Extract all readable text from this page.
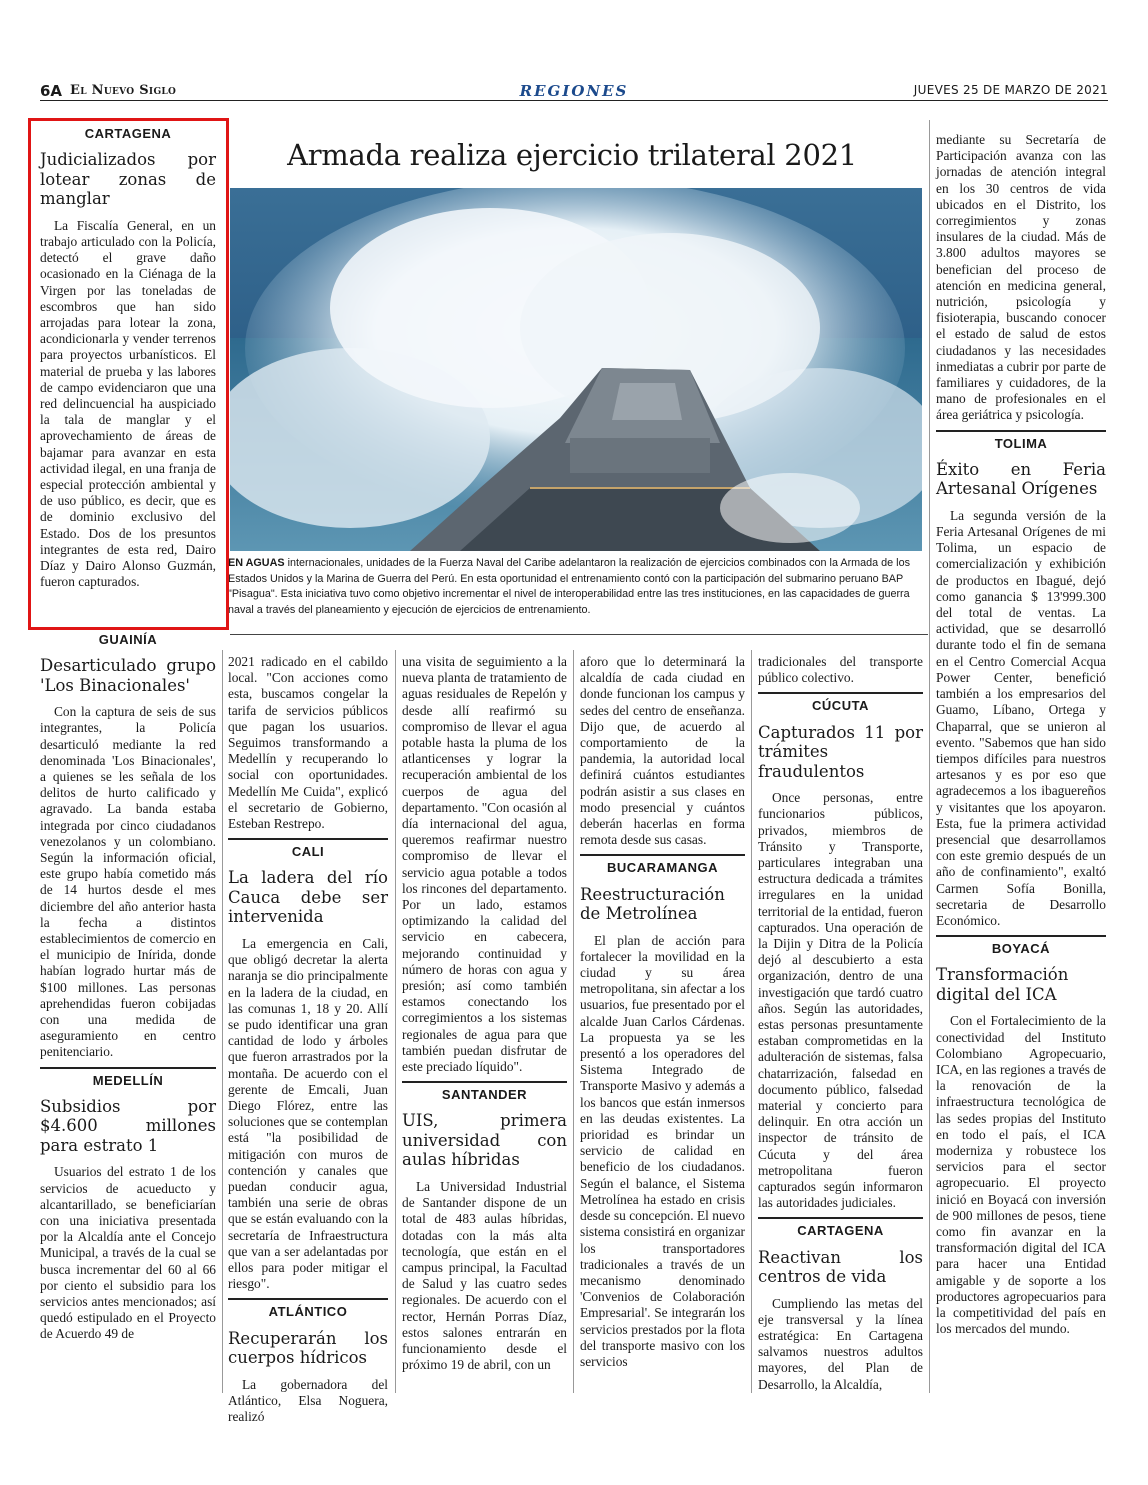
6A El Nuevo Siglo	REGIONES	JUEVES 25 DE MARZO DE 2021
Armada realiza ejercicio trilateral 2021
EN AGUAS internacionales, unidades de la Fuerza Naval del Caribe adelantaron la realización de ejercicios combinados con la Armada de los Estados Unidos y la Marina de Guerra del Perú. En esta oportunidad el entrenamiento contó con la participación del submarino peruano BAP "Pisagua". Esta iniciativa tuvo como objetivo incrementar el nivel de interoperabilidad entre las tres instituciones, en las capacidades de guerra naval a través del planeamiento y ejecución de ejercicios de entrenamiento.
CARTAGENA
Judicializados por lotear zonas de manglar

La Fiscalía General, en un trabajo articulado con la Policía, detectó el grave daño ocasionado en la Ciénaga de la Virgen por las toneladas de escombros que han sido arrojadas para lotear la zona, acondicionarla y vender terrenos para proyectos urbanísticos. El material de prueba y las labores de campo evidenciaron que una red delincuencial ha auspiciado la tala de manglar y el aprovechamiento de áreas de bajamar para avanzar en esta actividad ilegal, en una franja de especial protección ambiental y de uso público, es decir, que es de dominio exclusivo del Estado. Dos de los presuntos integrantes de esta red, Dairo Díaz y Dairo Alonso Guzmán, fueron capturados.

GUAINÍA
Desarticulado grupo 'Los Binacionales'

Con la captura de seis de sus integrantes, la Policía desarticuló mediante la red denominada 'Los Binacionales', a quienes se les señala de los delitos de hurto calificado y agravado. La banda estaba integrada por cinco ciudadanos venezolanos y un colombiano. Según la información oficial, este grupo había cometido más de 14 hurtos desde el mes diciembre del año anterior hasta la fecha a distintos establecimientos de comercio en el municipio de Inírida, donde habían logrado hurtar más de $100 millones. Las personas aprehendidas fueron cobijadas con una medida de aseguramiento en centro penitenciario.

MEDELLÍN
Subsidios por $4.600 millones para estrato 1

Usuarios del estrato 1 de los servicios de acueducto y alcantarillado, se beneficiarían con una iniciativa presentada por la Alcaldía ante el Concejo Municipal, a través de la cual se busca incrementar del 60 al 66 por ciento el subsidio para los servicios antes mencionados; así quedó estipulado en el Proyecto de Acuerdo 49 de

2021 radicado en el cabildo local. "Con acciones como esta, buscamos congelar la tarifa de servicios públicos que pagan los usuarios. Seguimos transformando a Medellín y recuperando lo social con oportunidades. Medellín Me Cuida", explicó el secretario de Gobierno, Esteban Restrepo.

CALI
La ladera del río Cauca debe ser intervenida

La emergencia en Cali, que obligó decretar la alerta naranja se dio principalmente en la ladera de la ciudad, en las comunas 1, 18 y 20. Allí se pudo identificar una gran cantidad de lodo y árboles que fueron arrastrados por la montaña. De acuerdo con el gerente de Emcali, Juan Diego Flórez, entre las soluciones que se contemplan está "la posibilidad de mitigación con muros de contención y canales que puedan conducir agua, también una serie de obras que se están evaluando con la secretaría de Infraestructura que van a ser adelantadas por ellos para poder mitigar el riesgo".

ATLÁNTICO
Recuperarán los cuerpos hídricos

La gobernadora del Atlántico, Elsa Noguera, realizó

una visita de seguimiento a la nueva planta de tratamiento de aguas residuales de Repelón y desde allí reafirmó su compromiso de llevar el agua potable hasta la pluma de los atlanticenses y lograr la recuperación ambiental de los cuerpos de agua del departamento. "Con ocasión al día internacional del agua, queremos reafirmar nuestro compromiso de llevar el servicio agua potable a todos los rincones del departamento. Por un lado, estamos optimizando la calidad del servicio en cabecera, mejorando continuidad y número de horas con agua y presión; así como también estamos conectando los corregimientos a los sistemas regionales de agua para que también puedan disfrutar de este preciado líquido".

SANTANDER
UIS, primera universidad con aulas híbridas

La Universidad Industrial de Santander dispone de un total de 483 aulas híbridas, dotadas con la más alta tecnología, que están en el campus principal, la Facultad de Salud y las cuatro sedes regionales. De acuerdo con el rector, Hernán Porras Díaz, estos salones entrarán en funcionamiento desde el próximo 19 de abril, con un

aforo que lo determinará la alcaldía de cada ciudad en donde funcionan los campus y sedes del centro de enseñanza. Dijo que, de acuerdo al comportamiento de la pandemia, la autoridad local definirá cuántos estudiantes podrán asistir a sus clases en modo presencial y cuántos deberán hacerlas en forma remota desde sus casas.

BUCARAMANGA
Reestructuración de Metrolínea

El plan de acción para fortalecer la movilidad en la ciudad y su área metropolitana, sin afectar a los usuarios, fue presentado por el alcalde Juan Carlos Cárdenas. La propuesta ya se les presentó a los operadores del Sistema Integrado de Transporte Masivo y además a los bancos que están inmersos en las deudas existentes. La prioridad es brindar un servicio de calidad en beneficio de los ciudadanos. Según el balance, el Sistema Metrolínea ha estado en crisis desde su concepción. El nuevo sistema consistirá en organizar los transportadores tradicionales a través de un mecanismo denominado 'Convenios de Colaboración Empresarial'. Se integrarán los servicios prestados por la flota del transporte masivo con los servicios

tradicionales del transporte público colectivo.

CÚCUTA
Capturados 11 por trámites fraudulentos

Once personas, entre funcionarios públicos, privados, miembros de Tránsito y Transporte, particulares integraban una estructura dedicada a trámites irregulares en la unidad territorial de la entidad, fueron capturados. Una operación de la Dijin y Ditra de la Policía dejó al descubierto a esta organización, dentro de una investigación que tardó cuatro años. Según las autoridades, estas personas presuntamente estaban comprometidas en la adulteración de sistemas, falsa chatarrización, falsedad en documento público, falsedad material y concierto para delinquir. En otra acción un inspector de tránsito de Cúcuta y del área metropolitana fueron capturados según informaron las autoridades judiciales.

CARTAGENA
Reactivan los centros de vida

Cumpliendo las metas del eje transversal y la línea estratégica: En Cartagena salvamos nuestros adultos mayores, del Plan de Desarrollo, la Alcaldía,

mediante su Secretaría de Participación avanza con las jornadas de atención integral en los 30 centros de vida ubicados en el Distrito, los corregimientos y zonas insulares de la ciudad. Más de 3.800 adultos mayores se benefician del proceso de atención en medicina general, nutrición, psicología y fisioterapia, buscando conocer el estado de salud de estos ciudadanos y las necesidades inmediatas a cubrir por parte de familiares y cuidadores, de la mano de profesionales en el área geriátrica y psicología.

TOLIMA
Éxito en Feria Artesanal Orígenes

La segunda versión de la Feria Artesanal Orígenes de mi Tolima, un espacio de comercialización y exhibición de productos en Ibagué, dejó como ganancia $ 13'999.300 del total de ventas. La actividad, que se desarrolló durante todo el fin de semana en el Centro Comercial Acqua Power Center, benefició también a los empresarios del Guamo, Líbano, Ortega y Chaparral, que se unieron al evento. "Sabemos que han sido tiempos difíciles para nuestros artesanos y es por eso que agradecemos a los ibaguereños y visitantes que los apoyaron. Esta, fue la primera actividad presencial que desarrollamos con este gremio después de un año de confinamiento", exaltó Carmen Sofía Bonilla, secretaria de Desarrollo Económico.

BOYACÁ
Transformación digital del ICA

Con el Fortalecimiento de la conectividad del Instituto Colombiano Agropecuario, ICA, en las regiones a través de la renovación de la infraestructura tecnológica de las sedes propias del Instituto en todo el país, el ICA moderniza y robustece los servicios para el sector agropecuario. El proyecto inició en Boyacá con inversión de 900 millones de pesos, tiene como fin avanzar en la transformación digital del ICA para hacer una Entidad amigable y de soporte a los productores agropecuarios para la competitividad del país en los mercados del mundo.
